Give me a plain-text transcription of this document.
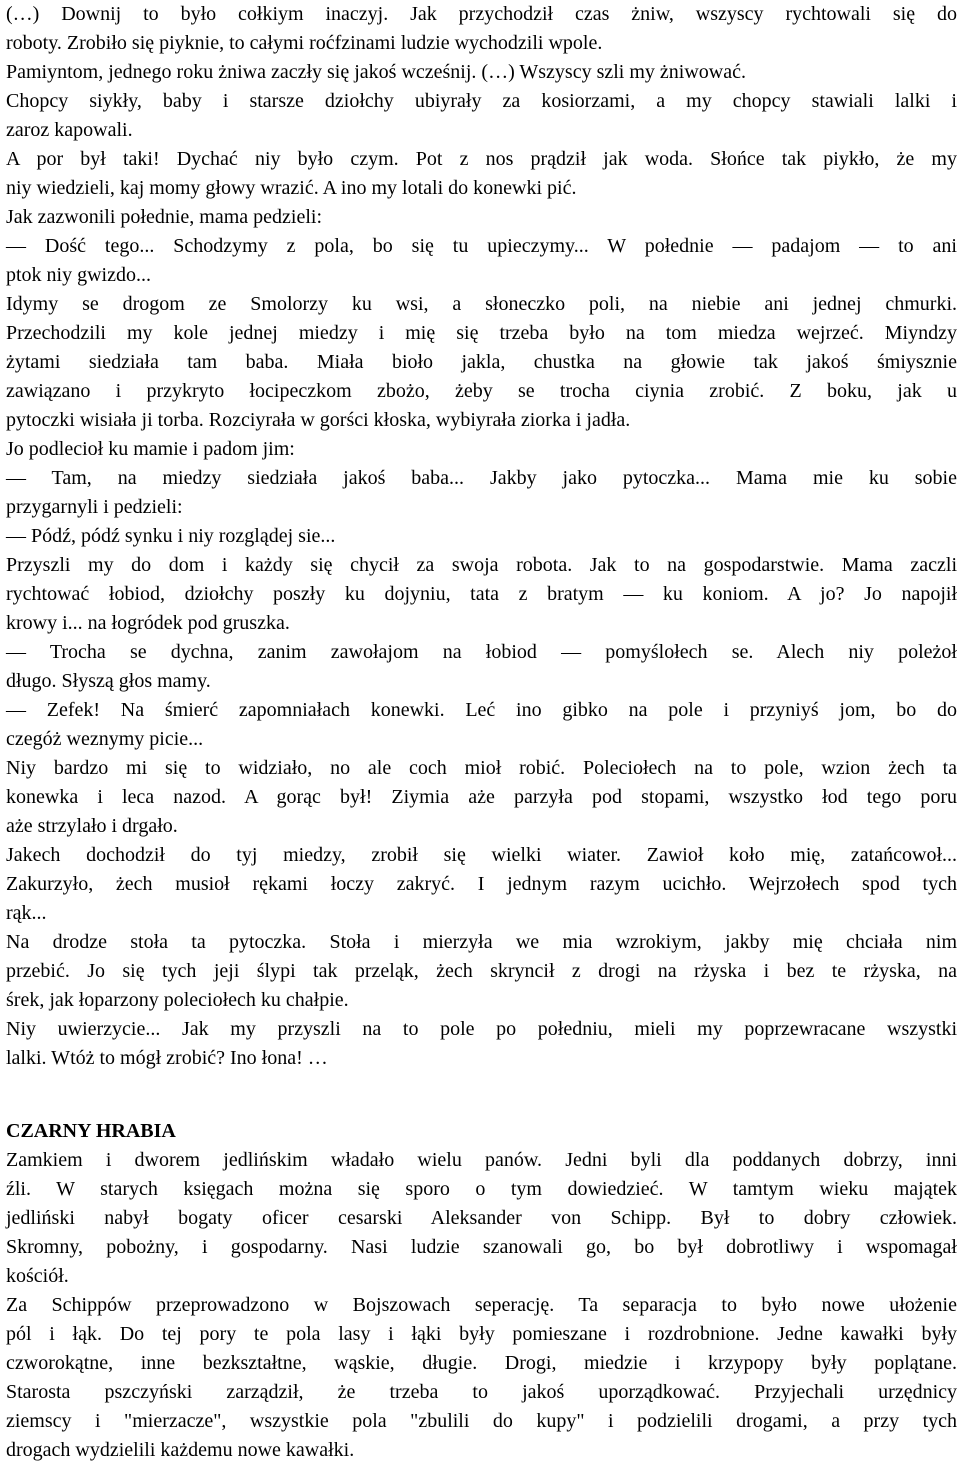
(…) Downij to było cołkiym inaczyj. Jak przychodził czas żniw, wszyscy rychtowali się do
roboty. Zrobiło się piyknie, to całymi roćfzinami ludzie wychodzili wpole.
Pamiyntom, jednego roku żniwa zaczły się jakoś wcześnij. (…) Wszyscy szli my żniwować.
Chopcy siykły, baby i starsze dziołchy ubiyrały za kosiorzami, a my chopcy stawiali lalki i
zaroz kapowali.
A por był taki! Dychać niy było czym. Pot z nos prądził jak woda. Słońce tak piykło, że my
niy wiedzieli, kaj momy głowy wrazić. A ino my lotali do konewki pić.
Jak zazwonili połednie, mama pedzieli:
— Dość tego... Schodzymy z pola, bo się tu upieczymy... W połednie — padajom — to ani
ptok niy gwizdo...
Idymy se drogom ze Smolorzy ku wsi, a słoneczko poli, na niebie ani jednej chmurki.
Przechodzili my kole jednej miedzy i mię się trzeba było na tom miedza wejrzeć. Miyndzy
żytami siedziała tam baba. Miała bioło jakla, chustka na głowie tak jakoś śmiysznie
zawiązano i przykryto łocipeczkom zbożo, żeby se trocha ciynia zrobić. Z boku, jak u
pytoczki wisiała ji torba. Rozciyrała w gorści kłoska, wybiyrała ziorka i jadła.
Jo podlecioł ku mamie i padom jim:
— Tam, na miedzy siedziała jakoś baba... Jakby jako pytoczka... Mama mie ku sobie
przygarnyli i pedzieli:
— Pódź, pódź synku i niy rozglądej sie...
Przyszli my do dom i każdy się chycił za swoja robota. Jak to na gospodarstwie. Mama zaczli
rychtować łobiod, dziołchy poszły ku dojyniu, tata z bratym — ku koniom. A jo? Jo napojił
krowy i... na łogródek pod gruszka.
— Trocha se dychna, zanim zawołajom na łobiod — pomyślołech se. Alech niy poleżoł
długo. Słyszą głos mamy.
— Zefek! Na śmierć zapomniałach konewki. Leć ino gibko na pole i przyniyś jom, bo do
czegóż weznymy picie...
Niy bardzo mi się to widziało, no ale coch mioł robić. Poleciołech na to pole, wzion żech ta
konewka i leca nazod. A gorąc był! Ziymia aże parzyła pod stopami, wszystko łod tego poru
aże strzylało i drgało.
Jakech dochodził do tyj miedzy, zrobił się wielki wiater. Zawioł koło mię, zatańcowoł...
Zakurzyło, żech musioł rękami łoczy zakryć. I jednym razym ucichło. Wejrzołech spod tych
rąk...
Na drodze stoła ta pytoczka. Stoła i mierzyła we mia wzrokiym, jakby mię chciała nim
przebić. Jo się tych jeji ślypi tak przeląk, żech skryncił z drogi na rżyska i bez te rżyska, na
śrek, jak łoparzony poleciołech ku chałpie.
Niy uwierzycie... Jak my przyszli na to pole po połedniu, mieli my poprzewracane wszystki
lalki. Wtóż to mógł zrobić? Ino łona! …
CZARNY HRABIA
Zamkiem i dworem jedlińskim władało wielu panów. Jedni byli dla poddanych dobrzy, inni
źli. W starych księgach można się sporo o tym dowiedzieć. W tamtym wieku majątek
jedliński nabył bogaty oficer cesarski Aleksander von Schipp. Był to dobry człowiek.
Skromny, pobożny, i gospodarny. Nasi ludzie szanowali go, bo był dobrotliwy i wspomagał
kościół.
Za Schippów przeprowadzono w Bojszowach seperację. Ta separacja to było nowe ułożenie
pól i łąk. Do tej pory te pola lasy i łąki były pomieszane i rozdrobnione. Jedne kawałki były
czworokątne, inne bezkształtne, wąskie, długie. Drogi, miedzie i krzypopy były poplątane.
Starosta pszczyński zarządził, że trzeba to jakoś uporządkować. Przyjechali urzędnicy
ziemscy i "mierzacze", wszystkie pola "zbulili do kupy" i podzielili drogami, a przy tych
drogach wydzielili każdemu nowe kawałki.
